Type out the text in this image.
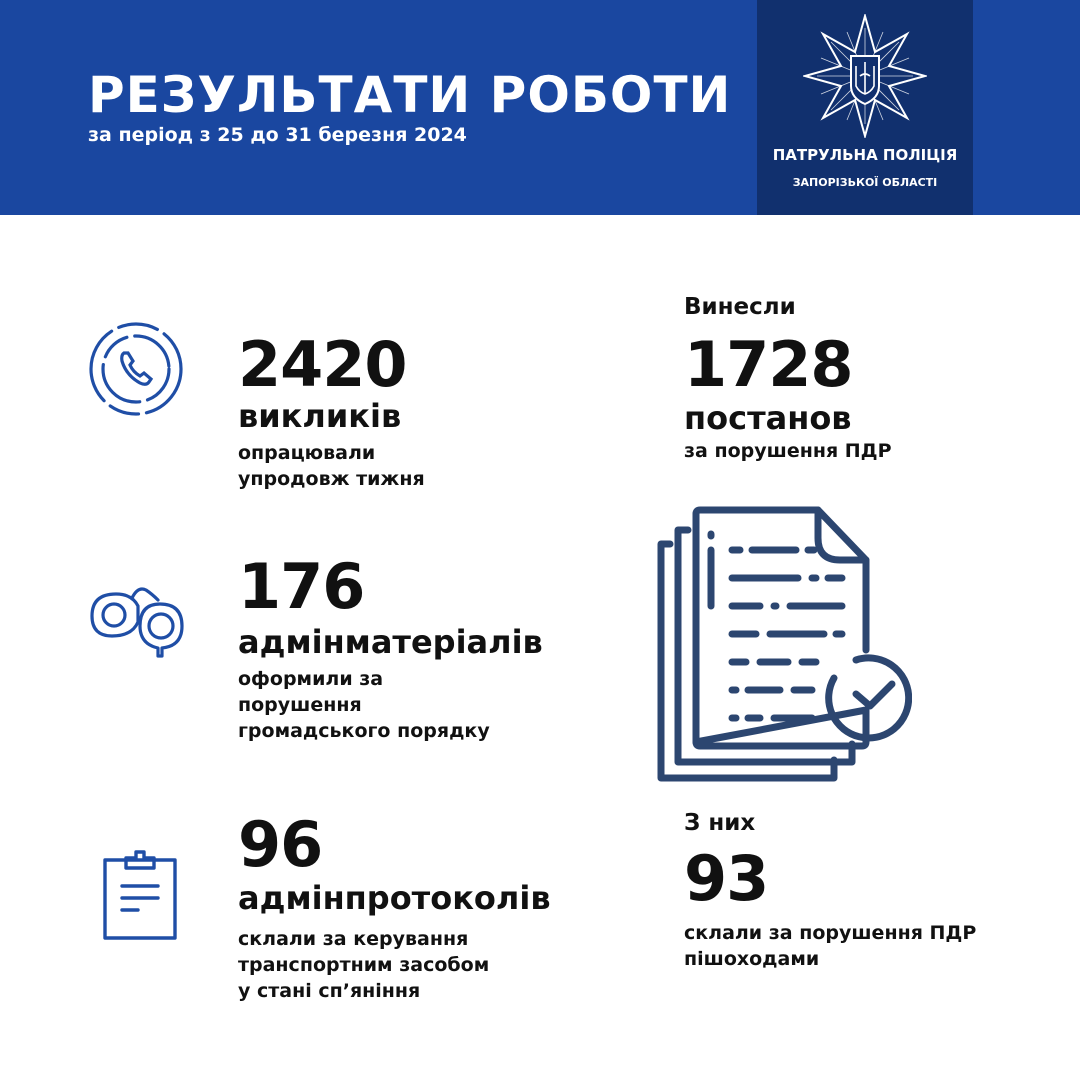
РЕЗУЛЬТАТИ РОБОТИ
за період з 25 до 31 березня 2024
ПАТРУЛЬНА ПОЛІЦІЯ
ЗАПОРІЗЬКОЇ ОБЛАСТІ
2420
викликів
опрацювали
упродовж тижня
176
адмінматеріалів
оформили за
порушення
громадського порядку
96
адмінпротоколів
склали за керування
транспортним засобом
у стані сп’яніння
Винесли
1728
постанов
за порушення ПДР
З них
93
склали за порушення ПДР
пішоходами
